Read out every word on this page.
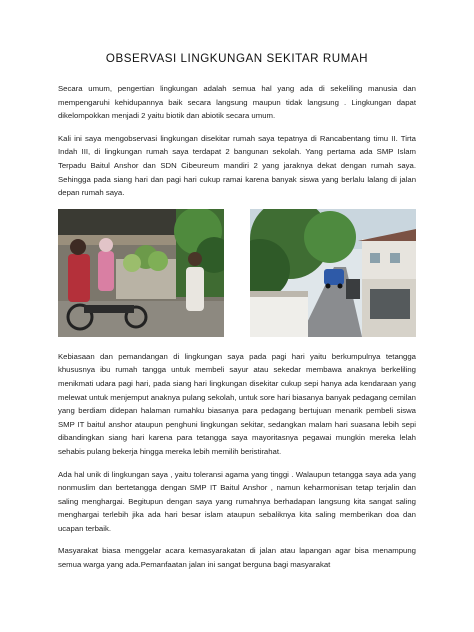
OBSERVASI LINGKUNGAN SEKITAR RUMAH

Secara umum, pengertian lingkungan adalah semua hal yang ada di sekeliling manusia dan mempengaruhi kehidupannya baik secara langsung maupun tidak langsung . Lingkungan dapat dikelompokkan menjadi 2 yaitu biotik dan abiotik secara umum.

Kali ini saya mengobservasi lingkungan disekitar rumah saya tepatnya di Rancabentang timu II. Tirta Indah III, di lingkungan rumah saya terdapat 2 bangunan sekolah. Yang pertama ada SMP Islam Terpadu Baitul Anshor dan SDN Cibeureum mandiri 2 yang jaraknya dekat dengan rumah saya. Sehingga pada siang hari dan pagi hari cukup ramai karena banyak siswa yang berlalu lalang di jalan depan rumah saya.

Kebiasaan dan pemandangan di lingkungan saya pada pagi hari yaitu berkumpulnya tetangga khususnya ibu rumah tangga untuk membeli sayur atau sekedar membawa anaknya berkeliling menikmati udara pagi hari, pada siang hari lingkungan disekitar cukup sepi hanya ada kendaraan yang melewat untuk menjemput anaknya pulang sekolah, untuk sore hari biasanya banyak pedagang cemilan yang berdiam didepan halaman rumahku biasanya para pedagang bertujuan menarik pembeli siswa SMP IT baitul anshor ataupun penghuni lingkungan sekitar, sedangkan malam hari suasana lebih sepi dibandingkan siang hari karena para tetangga saya mayoritasnya pegawai mungkin mereka lelah sehabis pulang bekerja hingga mereka lebih memilih beristirahat.

Ada hal unik di lingkungan saya , yaitu toleransi agama yang tinggi . Walaupun tetangga saya ada yang nonmuslim dan bertetangga dengan SMP IT Baitul Anshor , namun keharmonisan tetap terjalin dan saling menghargai. Begitupun dengan saya yang rumahnya berhadapan langsung kita sangat saling menghargai terlebih jika ada hari besar islam ataupun sebaliknya kita saling memberikan doa dan ucapan terbaik.

Masyarakat biasa menggelar acara kemasyarakatan di jalan atau lapangan agar bisa menampung semua warga yang ada.Pemanfaatan jalan ini sangat berguna bagi masyarakat
